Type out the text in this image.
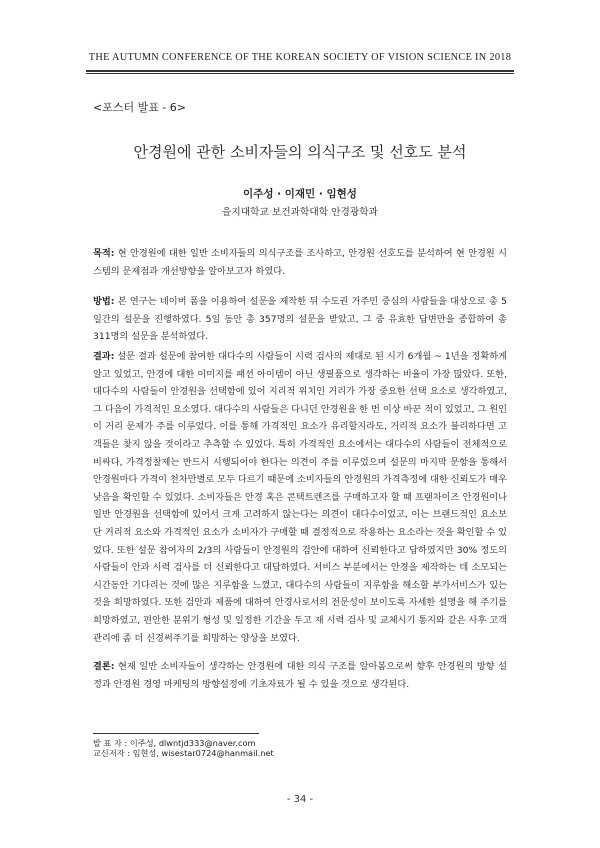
THE AUTUMN CONFERENCE OF THE KOREAN SOCIETY OF VISION SCIENCE IN 2018
<포스터 발표 - 6>
안경원에 관한 소비자들의 의식구조 및 선호도 분석
이주성 · 이재민 · 임현성
을지대학교 보건과학대학 안경광학과
목적: 현 안경원에 대한 일반 소비자들의 의식구조를 조사하고, 안경원 선호도를 분석하여 현 안경원 시스템의 문제점과 개선방향을 알아보고자 하였다.
방법: 본 연구는 네이버 폼을 이용하여 설문을 제작한 뒤 수도권 거주민 중심의 사람들을 대상으로 총 5일간의 설문을 진행하였다. 5일 동안 총 357명의 설문을 받았고, 그 중 유효한 답변만을 종합하여 총 311명의 설문을 분석하였다.
결과: 설문 결과 설문에 참여한 대다수의 사람들이 시력 검사의 제대로 된 시기 6개월 ~ 1년을 정확하게 알고 있었고, 안경에 대한 이미지를 패션 아이템이 아닌 생필품으로 생각하는 비율이 가장 많았다. 또한, 대다수의 사람들이 안경원을 선택함에 있어 지리적 위치인 거리가 가장 중요한 선택 요소로 생각하였고, 그 다음이 가격적인 요소였다. 대다수의 사람들은 다니던 안경원을 한 번 이상 바꾼 적이 있었고, 그 원인이 거리 문제가 주를 이루었다. 이를 통해 가격적인 요소가 유리할지라도, 거리적 요소가 불리하다면 고객들은 찾지 않을 것이라고 추측할 수 있었다. 특히 가격적인 요소에서는 대다수의 사람들이 전체적으로 비싸다, 가격정찰제는 반드시 시행되어야 한다는 의견이 주를 이루었으며 설문의 마지막 문항을 통해서 안경원마다 가격이 천차만별로 모두 다르기 때문에 소비자들의 안경원의 가격측정에 대한 신뢰도가 매우 낮음을 확인할 수 있었다. 소비자들은 안경 혹은 콘택트렌즈를 구매하고자 할 때 프랜차이즈 안경원이나 일반 안경원을 선택함에 있어서 크게 고려하지 않는다는 의견이 대다수이었고, 이는 브랜드적인 요소보단 거리적 요소와 가격적인 요소가 소비자가 구매할 때 결정적으로 작용하는 요소라는 것을 확인할 수 있었다. 또한 설문 참여자의 2/3의 사람들이 안경원의 검안에 대하여 신뢰한다고 답하였지만 30% 정도의 사람들이 안과 시력 검사를 더 신뢰한다고 대답하였다. 서비스 부분에서는 안경을 제작하는 데 소모되는 시간동안 기다리는 것에 많은 지루함을 느꼈고, 대다수의 사람들이 지루함을 해소할 부가서비스가 있는 것을 희망하였다. 또한 검안과 제품에 대하여 안경사로서의 전문성이 보이도록 자세한 설명을 해 주기를 희망하였고, 편안한 분위기 형성 및 일정한 기간을 두고 재 시력 검사 및 교체시기 통지와 같은 사후 고객 관리에 좀 더 신경써주기를 희망하는 양상을 보였다.
결론: 현재 일반 소비자들이 생각하는 안경원에 대한 의식 구조를 알아봄으로써 향후 안경원의 방향 설정과 안경원 경영 마케팅의 방향설정에 기초자료가 될 수 있을 것으로 생각된다.
발 표 자 : 이주성, dlwntjd333@naver.com
교신저자 : 임현성, wisestar0724@hanmail.net
- 34 -
